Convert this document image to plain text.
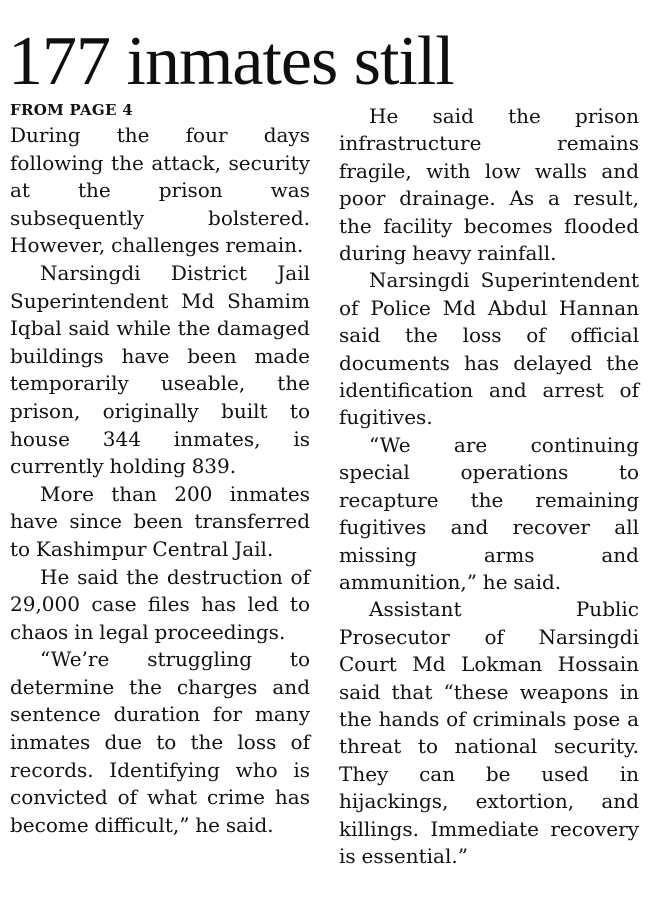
177 inmates still
FROM PAGE 4

During the four days following the attack, security at the prison was subsequently bolstered. However, challenges remain.

Narsingdi District Jail Superintendent Md Shamim Iqbal said while the damaged buildings have been made temporarily useable, the prison, originally built to house 344 inmates, is currently holding 839.

More than 200 inmates have since been transferred to Kashimpur Central Jail.

He said the destruction of 29,000 case files has led to chaos in legal proceedings.

“We’re struggling to determine the charges and sentence duration for many inmates due to the loss of records. Identifying who is convicted of what crime has become difficult,” he said.

He said the prison infrastructure remains fragile, with low walls and poor drainage. As a result, the facility becomes flooded during heavy rainfall.

Narsingdi Superintendent of Police Md Abdul Hannan said the loss of official documents has delayed the identification and arrest of fugitives.

“We are continuing special operations to recapture the remaining fugitives and recover all missing arms and ammunition,” he said.

Assistant Public Prosecutor of Narsingdi Court Md Lokman Hossain said that “these weapons in the hands of criminals pose a threat to national security. They can be used in hijackings, extortion, and killings. Immediate recovery is essential.”
